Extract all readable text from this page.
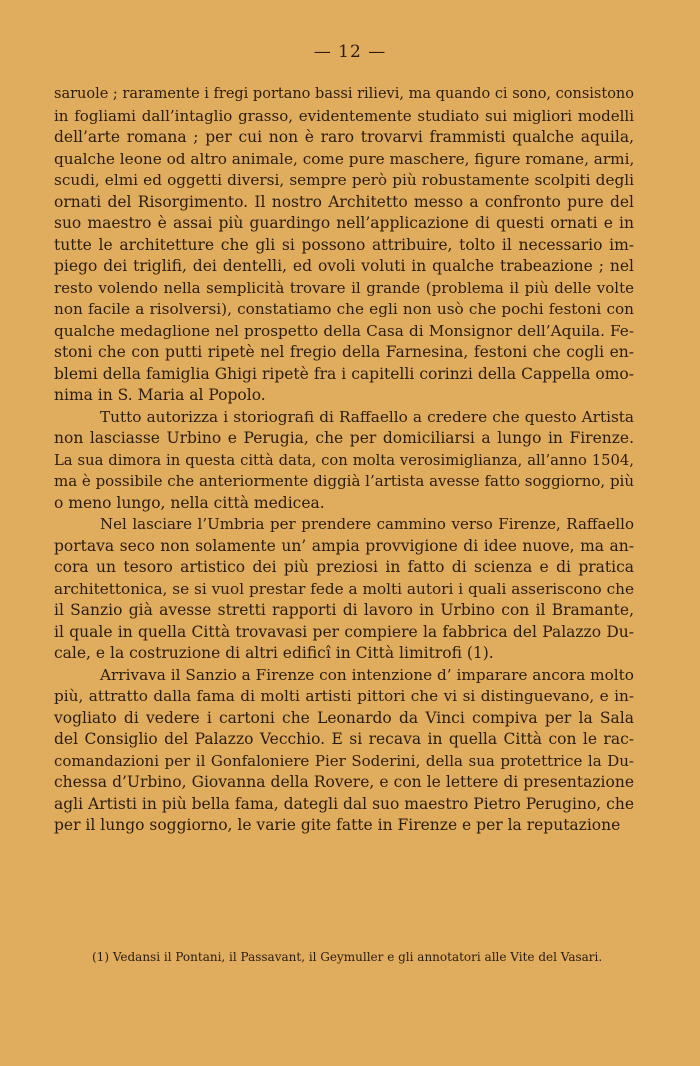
— 12 —
saruole ; raramente i fregi portano bassi rilievi, ma quando ci sono, consistono
in fogliami dall’intaglio grasso, evidentemente studiato sui migliori modelli
dell’arte romana ; per cui non è raro trovarvi frammisti qualche aquila,
qualche leone od altro animale, come pure maschere, figure romane, armi,
scudi, elmi ed oggetti diversi, sempre però più robustamente scolpiti degli
ornati del Risorgimento. Il nostro Architetto messo a confronto pure del
suo maestro è assai più guardingo nell’applicazione di questi ornati e in
tutte le architetture che gli si possono attribuire, tolto il necessario im-
piego dei triglifi, dei dentelli, ed ovoli voluti in qualche trabeazione ; nel
resto volendo nella semplicità trovare il grande (problema il più delle volte
non facile a risolversi), constatiamo che egli non usò che pochi festoni con
qualche medaglione nel prospetto della Casa di Monsignor dell’Aquila. Fe-
stoni che con putti ripetè nel fregio della Farnesina, festoni che cogli en-
blemi della famiglia Ghigi ripetè fra i capitelli corinzi della Cappella omo-
nima in S. Maria al Popolo.
Tutto autorizza i storiografi di Raffaello a credere che questo Artista
non lasciasse Urbino e Perugia, che per domiciliarsi a lungo in Firenze.
La sua dimora in questa città data, con molta verosimiglianza, all’anno 1504,
ma è possibile che anteriormente diggià l’artista avesse fatto soggiorno, più
o meno lungo, nella città medicea.
Nel lasciare l’Umbria per prendere cammino verso Firenze, Raffaello
portava seco non solamente un’ ampia provvigione di idee nuove, ma an-
cora un tesoro artistico dei più preziosi in fatto di scienza e di pratica
architettonica, se si vuol prestar fede a molti autori i quali asseriscono che
il Sanzio già avesse stretti rapporti di lavoro in Urbino con il Bramante,
il quale in quella Città trovavasi per compiere la fabbrica del Palazzo Du-
cale, e la costruzione di altri edificî in Città limitrofi (1).
Arrivava il Sanzio a Firenze con intenzione d’ imparare ancora molto
più, attratto dalla fama di molti artisti pittori che vi si distinguevano, e in-
vogliato di vedere i cartoni che Leonardo da Vinci compiva per la Sala
del Consiglio del Palazzo Vecchio. E si recava in quella Città con le rac-
comandazioni per il Gonfaloniere Pier Soderini, della sua protettrice la Du-
chessa d’Urbino, Giovanna della Rovere, e con le lettere di presentazione
agli Artisti in più bella fama, dategli dal suo maestro Pietro Perugino, che
per il lungo soggiorno, le varie gite fatte in Firenze e per la reputazione
(1) Vedansi il Pontani, il Passavant, il Geymuller e gli annotatori alle Vite del Vasari.
